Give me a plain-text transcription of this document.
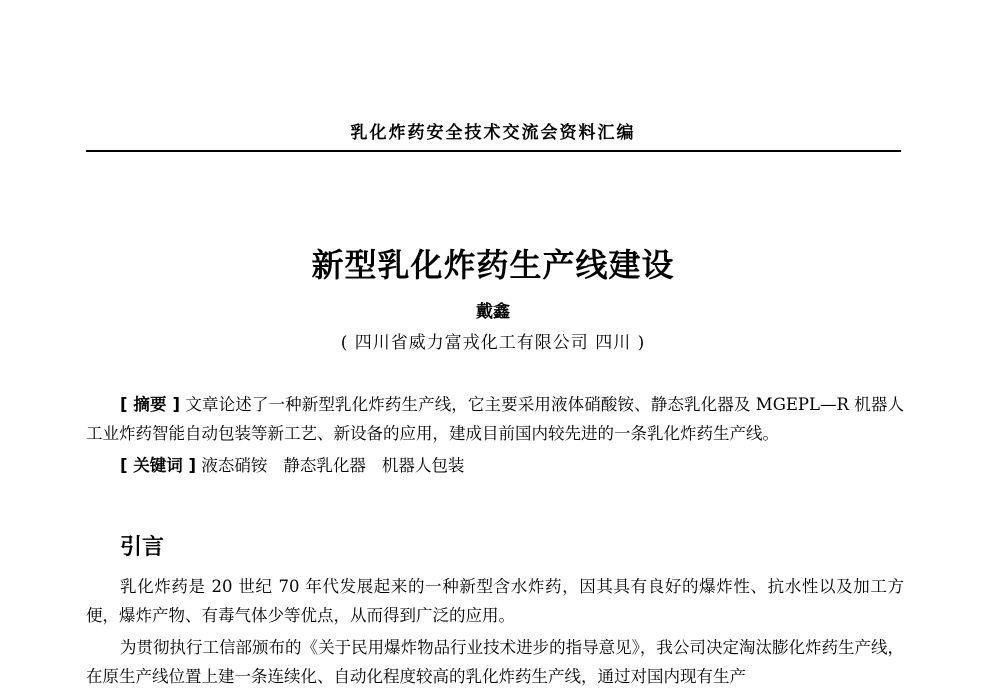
乳化炸药安全技术交流会资料汇编
新型乳化炸药生产线建设
戴鑫
( 四川省威力富戎化工有限公司 四川 )

[ 摘要 ] 文章论述了一种新型乳化炸药生产线，它主要采用液体硝酸铵、静态乳化器及 MGEPL—R 机器人工业炸药智能自动包装等新工艺、新设备的应用，建成目前国内较先进的一条乳化炸药生产线。

[ 关键词 ] 液态硝铵 静态乳化器 机器人包装

引言

乳化炸药是 20 世纪 70 年代发展起来的一种新型含水炸药，因其具有良好的爆炸性、抗水性以及加工方便，爆炸产物、有毒气体少等优点，从而得到广泛的应用。

为贯彻执行工信部颁布的《关于民用爆炸物品行业技术进步的指导意见》，我公司决定淘汰膨化炸药生产线，在原生产线位置上建一条连续化、自动化程度较高的乳化炸药生产线，通过对国内现有生产
